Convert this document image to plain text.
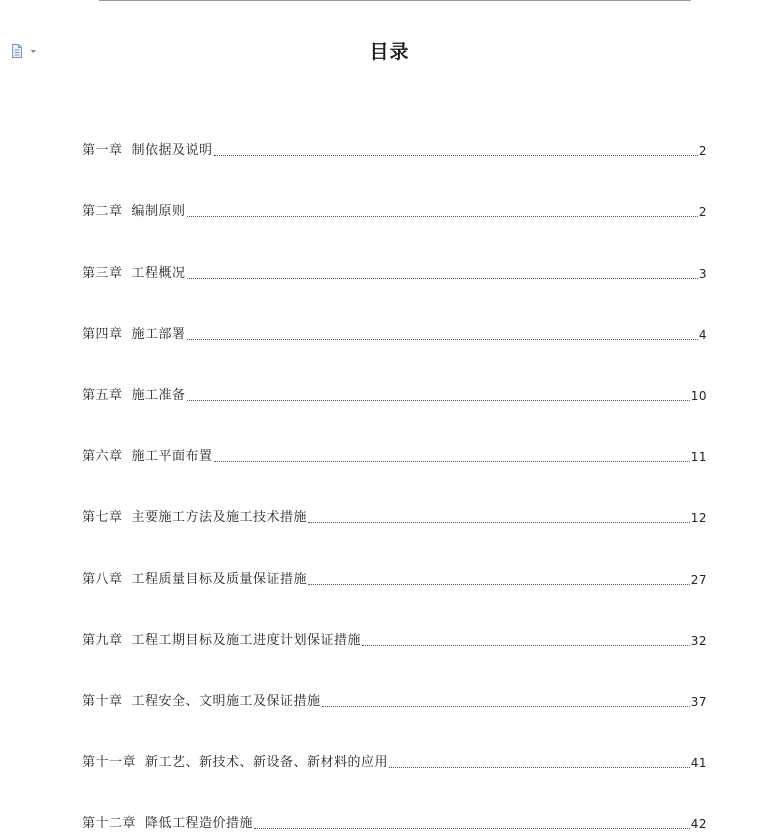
目录
第一章 制依据及说明	2
第二章 编制原则	2
第三章 工程概况	3
第四章 施工部署	4
第五章 施工准备	10
第六章 施工平面布置	11
第七章 主要施工方法及施工技术措施	12
第八章 工程质量目标及质量保证措施	27
第九章 工程工期目标及施工进度计划保证措施	32
第十章 工程安全、文明施工及保证措施	37
第十一章 新工艺、新技术、新设备、新材料的应用	41
第十二章 降低工程造价措施	42
